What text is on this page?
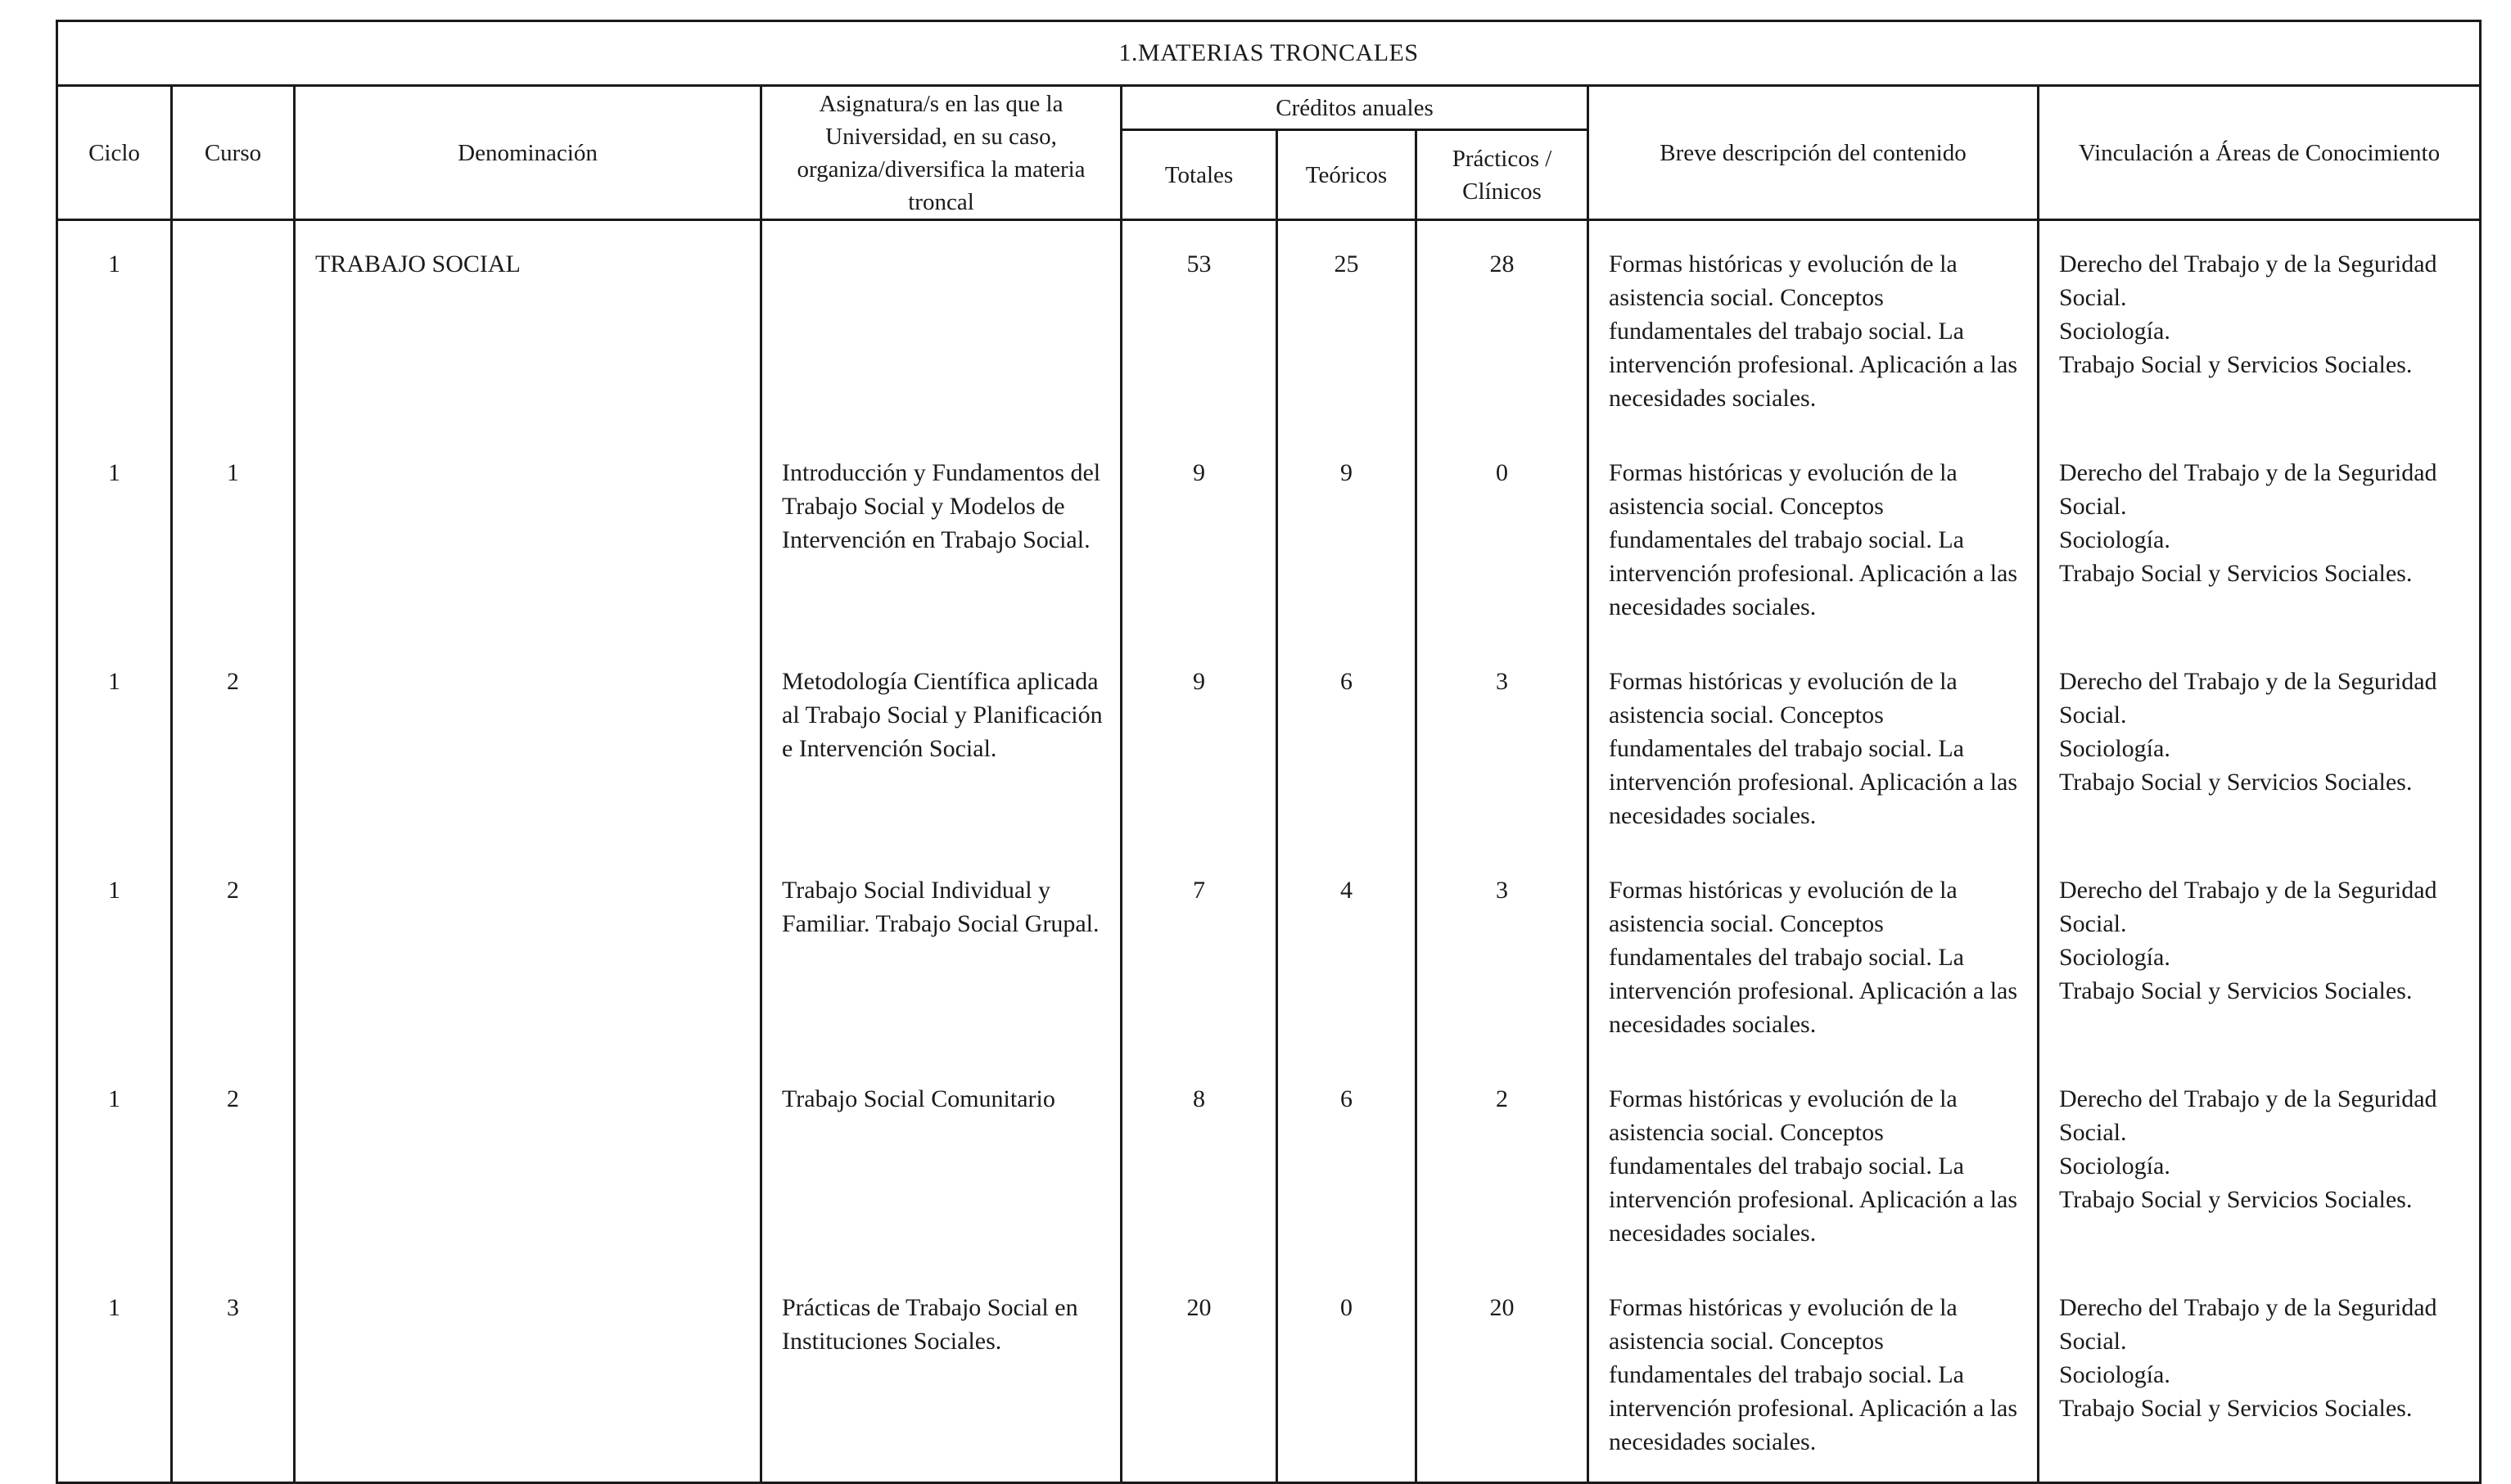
1.MATERIAS TRONCALES								
Ciclo	Curso	Denominación	Asignatura/s en las que la Universidad, en su caso, organiza/diversifica la materia troncal	Créditos anuales			Breve descripción del contenido	Vinculación a Áreas de Conocimiento
				Totales	Teóricos	Prácticos / Clínicos		
1		TRABAJO SOCIAL		53	25	28	Formas históricas y evolución de la asistencia social. Conceptos fundamentales del trabajo social. La intervención profesional. Aplicación a las necesidades sociales.	Derecho del Trabajo y de la Seguridad Social.
Sociología.
Trabajo Social y Servicios Sociales.

1	1		Introducción y Fundamentos del Trabajo Social y Modelos de Intervención en Trabajo Social.	9	9	0	Formas históricas y evolución de la asistencia social. Conceptos fundamentales del trabajo social. La intervención profesional. Aplicación a las necesidades sociales.	Derecho del Trabajo y de la Seguridad Social.
Sociología.
Trabajo Social y Servicios Sociales.

1	2		Metodología Científica aplicada al Trabajo Social y Planificación e Intervención Social.	9	6	3	Formas históricas y evolución de la asistencia social. Conceptos fundamentales del trabajo social. La intervención profesional. Aplicación a las necesidades sociales.	Derecho del Trabajo y de la Seguridad Social.
Sociología.
Trabajo Social y Servicios Sociales.

1	2		Trabajo Social Individual y Familiar. Trabajo Social Grupal.	7	4	3	Formas históricas y evolución de la asistencia social. Conceptos fundamentales del trabajo social. La intervención profesional. Aplicación a las necesidades sociales.	Derecho del Trabajo y de la Seguridad Social.
Sociología.
Trabajo Social y Servicios Sociales.

1	2		Trabajo Social Comunitario	8	6	2	Formas históricas y evolución de la asistencia social. Conceptos fundamentales del trabajo social. La intervención profesional. Aplicación a las necesidades sociales.	Derecho del Trabajo y de la Seguridad Social.
Sociología.
Trabajo Social y Servicios Sociales.

1	3		Prácticas de Trabajo Social en Instituciones Sociales.	20	0	20	Formas históricas y evolución de la asistencia social. Conceptos fundamentales del trabajo social. La intervención profesional. Aplicación a las necesidades sociales.	Derecho del Trabajo y de la Seguridad Social.
Sociología.
Trabajo Social y Servicios Sociales.
